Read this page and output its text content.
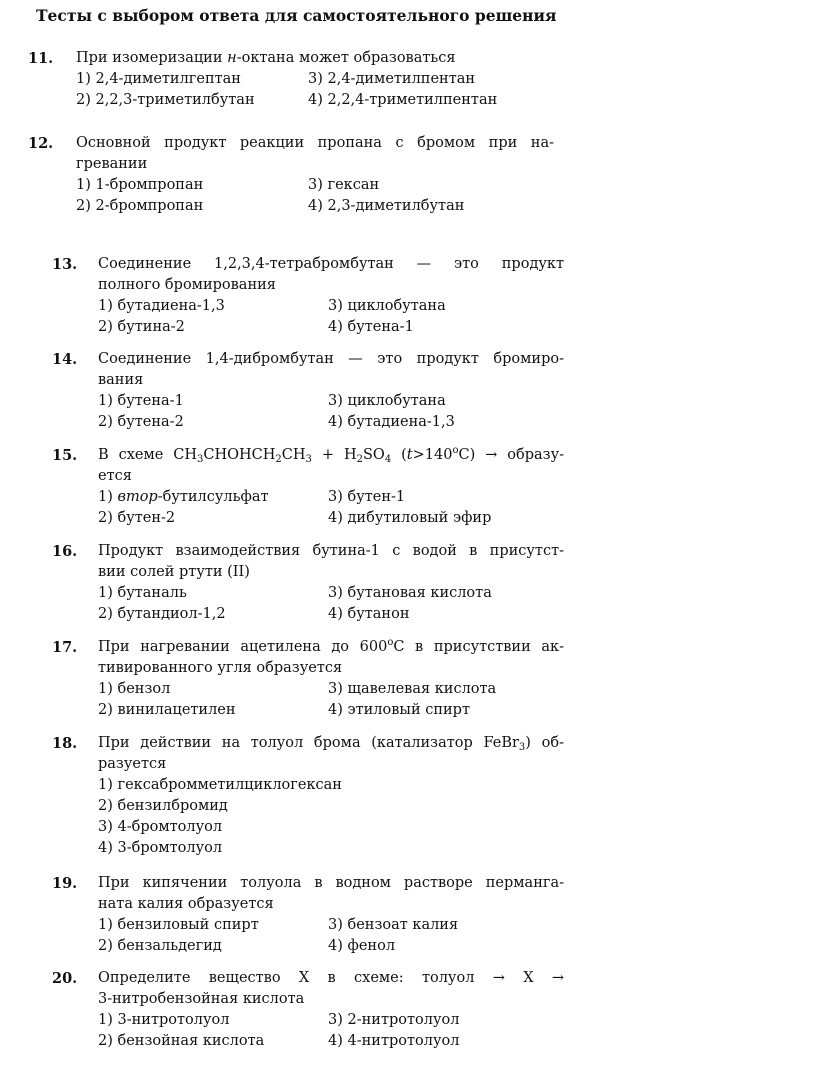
Тесты с выбором ответа для самостоятельного решения
11. При изомеризации н-октана может образоваться
1) 2,4-диметилгептан	3) 2,4-диметилпентан
2) 2,2,3-триметилбутан	4) 2,2,4-триметилпентан
12. Основной продукт реакции пропана с бромом при на-
гревании
1) 1-бромпропан	3) гексан
2) 2-бромпропан	4) 2,3-диметилбутан
13. Соединение 1,2,3,4-тетрабромбутан — это продукт
полного бромирования
1) бутадиена-1,3	3) циклобутана
2) бутина-2	4) бутена-1
14. Соединение 1,4-дибромбутан — это продукт бромиро-
вания
1) бутена-1	3) циклобутана
2) бутена-2	4) бутадиена-1,3
15. В схеме $CH_3CHOHCH_2CH_3 + H_2SO_4$ $(t>140^oC)$ → образу-
ется
1) втор-бутилсульфат	3) бутен-1
2) бутен-2	4) дибутиловый эфир
16. Продукт взаимодействия бутина-1 с водой в присутст-
вии солей ртути (II)
1) бутаналь	3) бутановая кислота
2) бутандиол-1,2	4) бутанон
17. При нагревании ацетилена до 600$^o$C в присутствии ак-
тивированного угля образуется
1) бензол	3) щавелевая кислота
2) винилацетилен	4) этиловый спирт
18. При действии на толуол брома (катализатор FeBr$_3$) об-
разуется
1) гексабромметилциклогексан
2) бензилбромид
3) 4-бромтолуол
4) 3-бромтолуол
19. При кипячении толуола в водном растворе перманга-
ната калия образуется
1) бензиловый спирт	3) бензоат калия
2) бензальдегид	4) фенол
20. Определите вещество X в схеме: толуол → X →
3-нитробензойная кислота
1) 3-нитротолуол	3) 2-нитротолуол
2) бензойная кислота	4) 4-нитротолуол
